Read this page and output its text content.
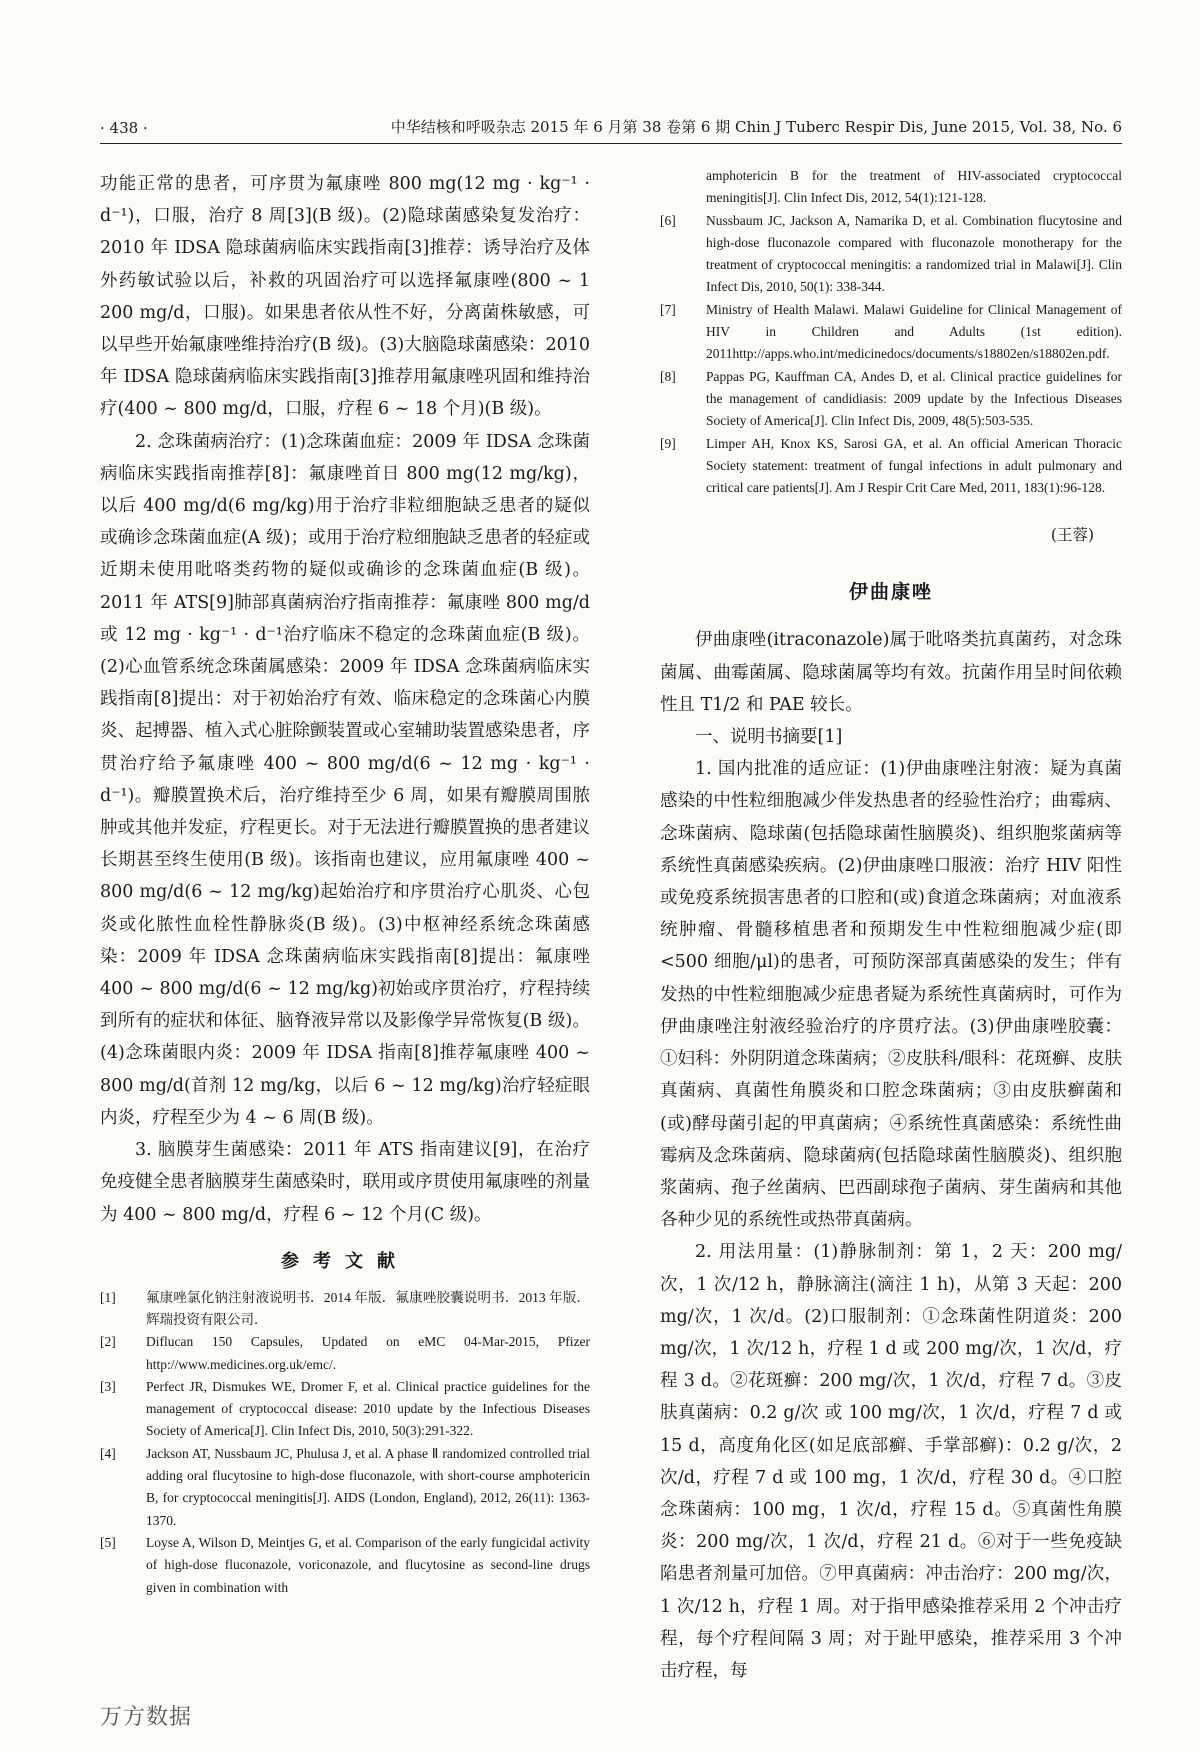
· 438 ·	中华结核和呼吸杂志 2015 年 6 月第 38 卷第 6 期 Chin J Tuberc Respir Dis, June 2015, Vol. 38, No. 6

功能正常的患者，可序贯为氟康唑 800 mg(12 mg · kg⁻¹ · d⁻¹)，口服，治疗 8 周[3](B 级)。(2)隐球菌感染复发治疗：2010 年 IDSA 隐球菌病临床实践指南[3]推荐：诱导治疗及体外药敏试验以后，补救的巩固治疗可以选择氟康唑(800 ~ 1 200 mg/d，口服)。如果患者依从性不好，分离菌株敏感，可以早些开始氟康唑维持治疗(B 级)。(3)大脑隐球菌感染：2010 年 IDSA 隐球菌病临床实践指南[3]推荐用氟康唑巩固和维持治疗(400 ~ 800 mg/d，口服，疗程 6 ~ 18 个月)(B 级)。

2. 念珠菌病治疗：(1)念珠菌血症：2009 年 IDSA 念珠菌病临床实践指南推荐[8]：氟康唑首日 800 mg(12 mg/kg)，以后 400 mg/d(6 mg/kg)用于治疗非粒细胞缺乏患者的疑似或确诊念珠菌血症(A 级)；或用于治疗粒细胞缺乏患者的轻症或近期未使用吡咯类药物的疑似或确诊的念珠菌血症(B 级)。2011 年 ATS[9]肺部真菌病治疗指南推荐：氟康唑 800 mg/d 或 12 mg · kg⁻¹ · d⁻¹治疗临床不稳定的念珠菌血症(B 级)。(2)心血管系统念珠菌属感染：2009 年 IDSA 念珠菌病临床实践指南[8]提出：对于初始治疗有效、临床稳定的念珠菌心内膜炎、起搏器、植入式心脏除颤装置或心室辅助装置感染患者，序贯治疗给予氟康唑 400 ~ 800 mg/d(6 ~ 12 mg · kg⁻¹ · d⁻¹)。瓣膜置换术后，治疗维持至少 6 周，如果有瓣膜周围脓肿或其他并发症，疗程更长。对于无法进行瓣膜置换的患者建议长期甚至终生使用(B 级)。该指南也建议，应用氟康唑 400 ~ 800 mg/d(6 ~ 12 mg/kg)起始治疗和序贯治疗心肌炎、心包炎或化脓性血栓性静脉炎(B 级)。(3)中枢神经系统念珠菌感染：2009 年 IDSA 念珠菌病临床实践指南[8]提出：氟康唑 400 ~ 800 mg/d(6 ~ 12 mg/kg)初始或序贯治疗，疗程持续到所有的症状和体征、脑脊液异常以及影像学异常恢复(B 级)。(4)念珠菌眼内炎：2009 年 IDSA 指南[8]推荐氟康唑 400 ~ 800 mg/d(首剂 12 mg/kg，以后 6 ~ 12 mg/kg)治疗轻症眼内炎，疗程至少为 4 ~ 6 周(B 级)。

3. 脑膜芽生菌感染：2011 年 ATS 指南建议[9]，在治疗免疫健全患者脑膜芽生菌感染时，联用或序贯使用氟康唑的剂量为 400 ~ 800 mg/d，疗程 6 ~ 12 个月(C 级)。

参考文献
[1]	氟康唑氯化钠注射液说明书．2014 年版．氟康唑胶囊说明书．2013 年版．辉瑞投资有限公司．
[2]	Diflucan 150 Capsules, Updated on eMC 04-Mar-2015, Pfizer http://www.medicines.org.uk/emc/.
[3]	Perfect JR, Dismukes WE, Dromer F, et al. Clinical practice guidelines for the management of cryptococcal disease: 2010 update by the Infectious Diseases Society of America[J]. Clin Infect Dis, 2010, 50(3):291-322.
[4]	Jackson AT, Nussbaum JC, Phulusa J, et al. A phase Ⅱ randomized controlled trial adding oral flucytosine to high-dose fluconazole, with short-course amphotericin B, for cryptococcal meningitis[J]. AIDS (London, England), 2012, 26(11): 1363-1370.
[5]	Loyse A, Wilson D, Meintjes G, et al. Comparison of the early fungicidal activity of high-dose fluconazole, voriconazole, and flucytosine as second-line drugs given in combination with
amphotericin B for the treatment of HIV-associated cryptococcal meningitis[J]. Clin Infect Dis, 2012, 54(1):121-128.
[6]	Nussbaum JC, Jackson A, Namarika D, et al. Combination flucytosine and high-dose fluconazole compared with fluconazole monotherapy for the treatment of cryptococcal meningitis: a randomized trial in Malawi[J]. Clin Infect Dis, 2010, 50(1): 338-344.
[7]	Ministry of Health Malawi. Malawi Guideline for Clinical Management of HIV in Children and Adults (1st edition). 2011http://apps.who.int/medicinedocs/documents/s18802en/s18802en.pdf.
[8]	Pappas PG, Kauffman CA, Andes D, et al. Clinical practice guidelines for the management of candidiasis: 2009 update by the Infectious Diseases Society of America[J]. Clin Infect Dis, 2009, 48(5):503-535.
[9]	Limper AH, Knox KS, Sarosi GA, et al. An official American Thoracic Society statement: treatment of fungal infections in adult pulmonary and critical care patients[J]. Am J Respir Crit Care Med, 2011, 183(1):96-128.
(王蓉)
伊曲康唑

伊曲康唑(itraconazole)属于吡咯类抗真菌药，对念珠菌属、曲霉菌属、隐球菌属等均有效。抗菌作用呈时间依赖性且 T1/2 和 PAE 较长。

一、说明书摘要[1]

1. 国内批准的适应证：(1)伊曲康唑注射液：疑为真菌感染的中性粒细胞减少伴发热患者的经验性治疗；曲霉病、念珠菌病、隐球菌(包括隐球菌性脑膜炎)、组织胞浆菌病等系统性真菌感染疾病。(2)伊曲康唑口服液：治疗 HIV 阳性或免疫系统损害患者的口腔和(或)食道念珠菌病；对血液系统肿瘤、骨髓移植患者和预期发生中性粒细胞减少症(即 <500 细胞/μl)的患者，可预防深部真菌感染的发生；伴有发热的中性粒细胞减少症患者疑为系统性真菌病时，可作为伊曲康唑注射液经验治疗的序贯疗法。(3)伊曲康唑胶囊：①妇科：外阴阴道念珠菌病；②皮肤科/眼科：花斑癣、皮肤真菌病、真菌性角膜炎和口腔念珠菌病；③由皮肤癣菌和(或)酵母菌引起的甲真菌病；④系统性真菌感染：系统性曲霉病及念珠菌病、隐球菌病(包括隐球菌性脑膜炎)、组织胞浆菌病、孢子丝菌病、巴西副球孢子菌病、芽生菌病和其他各种少见的系统性或热带真菌病。

2. 用法用量：(1)静脉制剂：第 1，2 天：200 mg/次，1 次/12 h，静脉滴注(滴注 1 h)，从第 3 天起：200 mg/次，1 次/d。(2)口服制剂：①念珠菌性阴道炎：200 mg/次，1 次/12 h，疗程 1 d 或 200 mg/次，1 次/d，疗程 3 d。②花斑癣：200 mg/次，1 次/d，疗程 7 d。③皮肤真菌病：0.2 g/次 或 100 mg/次，1 次/d，疗程 7 d 或 15 d，高度角化区(如足底部癣、手掌部癣)：0.2 g/次，2 次/d，疗程 7 d 或 100 mg，1 次/d，疗程 30 d。④口腔念珠菌病：100 mg，1 次/d，疗程 15 d。⑤真菌性角膜炎：200 mg/次，1 次/d，疗程 21 d。⑥对于一些免疫缺陷患者剂量可加倍。⑦甲真菌病：冲击治疗：200 mg/次，1 次/12 h，疗程 1 周。对于指甲感染推荐采用 2 个冲击疗程，每个疗程间隔 3 周；对于趾甲感染，推荐采用 3 个冲击疗程，每

万方数据
